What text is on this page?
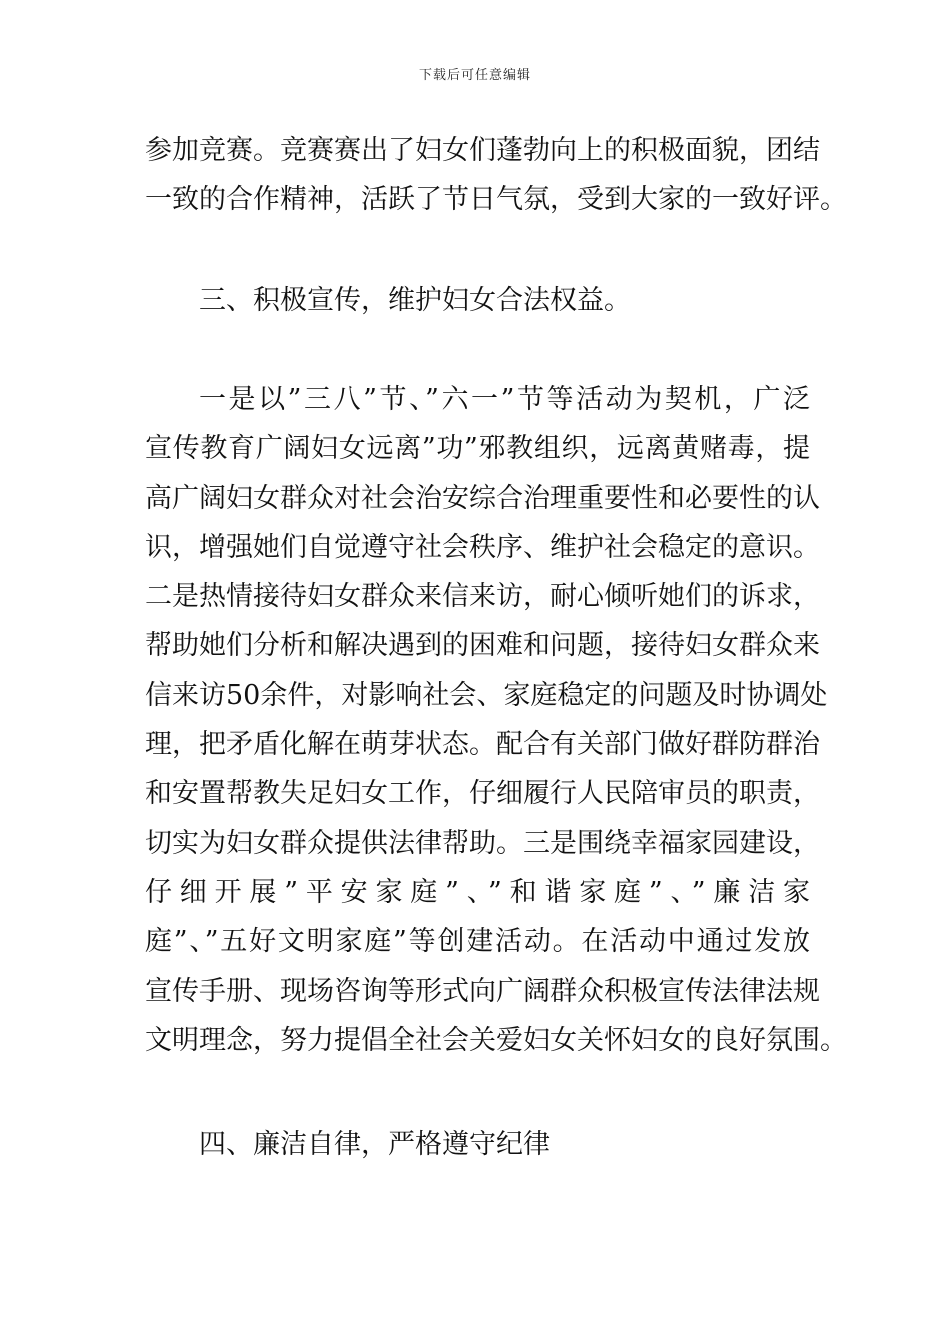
下载后可任意编辑
参加竞赛。竞赛赛出了妇女们蓬勃向上的积极面貌，团结
一致的合作精神，活跃了节日气氛，受到大家的一致好评。
三、积极宣传，维护妇女合法权益。
一是以”三八”节、”六一”节等活动为契机，广泛
宣传教育广阔妇女远离”功”邪教组织，远离黄赌毒，提
高广阔妇女群众对社会治安综合治理重要性和必要性的认
识，增强她们自觉遵守社会秩序、维护社会稳定的意识。
二是热情接待妇女群众来信来访，耐心倾听她们的诉求，
帮助她们分析和解决遇到的困难和问题，接待妇女群众来
信来访50余件，对影响社会、家庭稳定的问题及时协调处
理，把矛盾化解在萌芽状态。配合有关部门做好群防群治
和安置帮教失足妇女工作，仔细履行人民陪审员的职责，
切实为妇女群众提供法律帮助。三是围绕幸福家园建设，
仔细开展”平安家庭”、”和谐家庭”、”廉洁家
庭”、”五好文明家庭”等创建活动。在活动中通过发放
宣传手册、现场咨询等形式向广阔群众积极宣传法律法规
文明理念，努力提倡全社会关爱妇女关怀妇女的良好氛围。
四、廉洁自律，严格遵守纪律
